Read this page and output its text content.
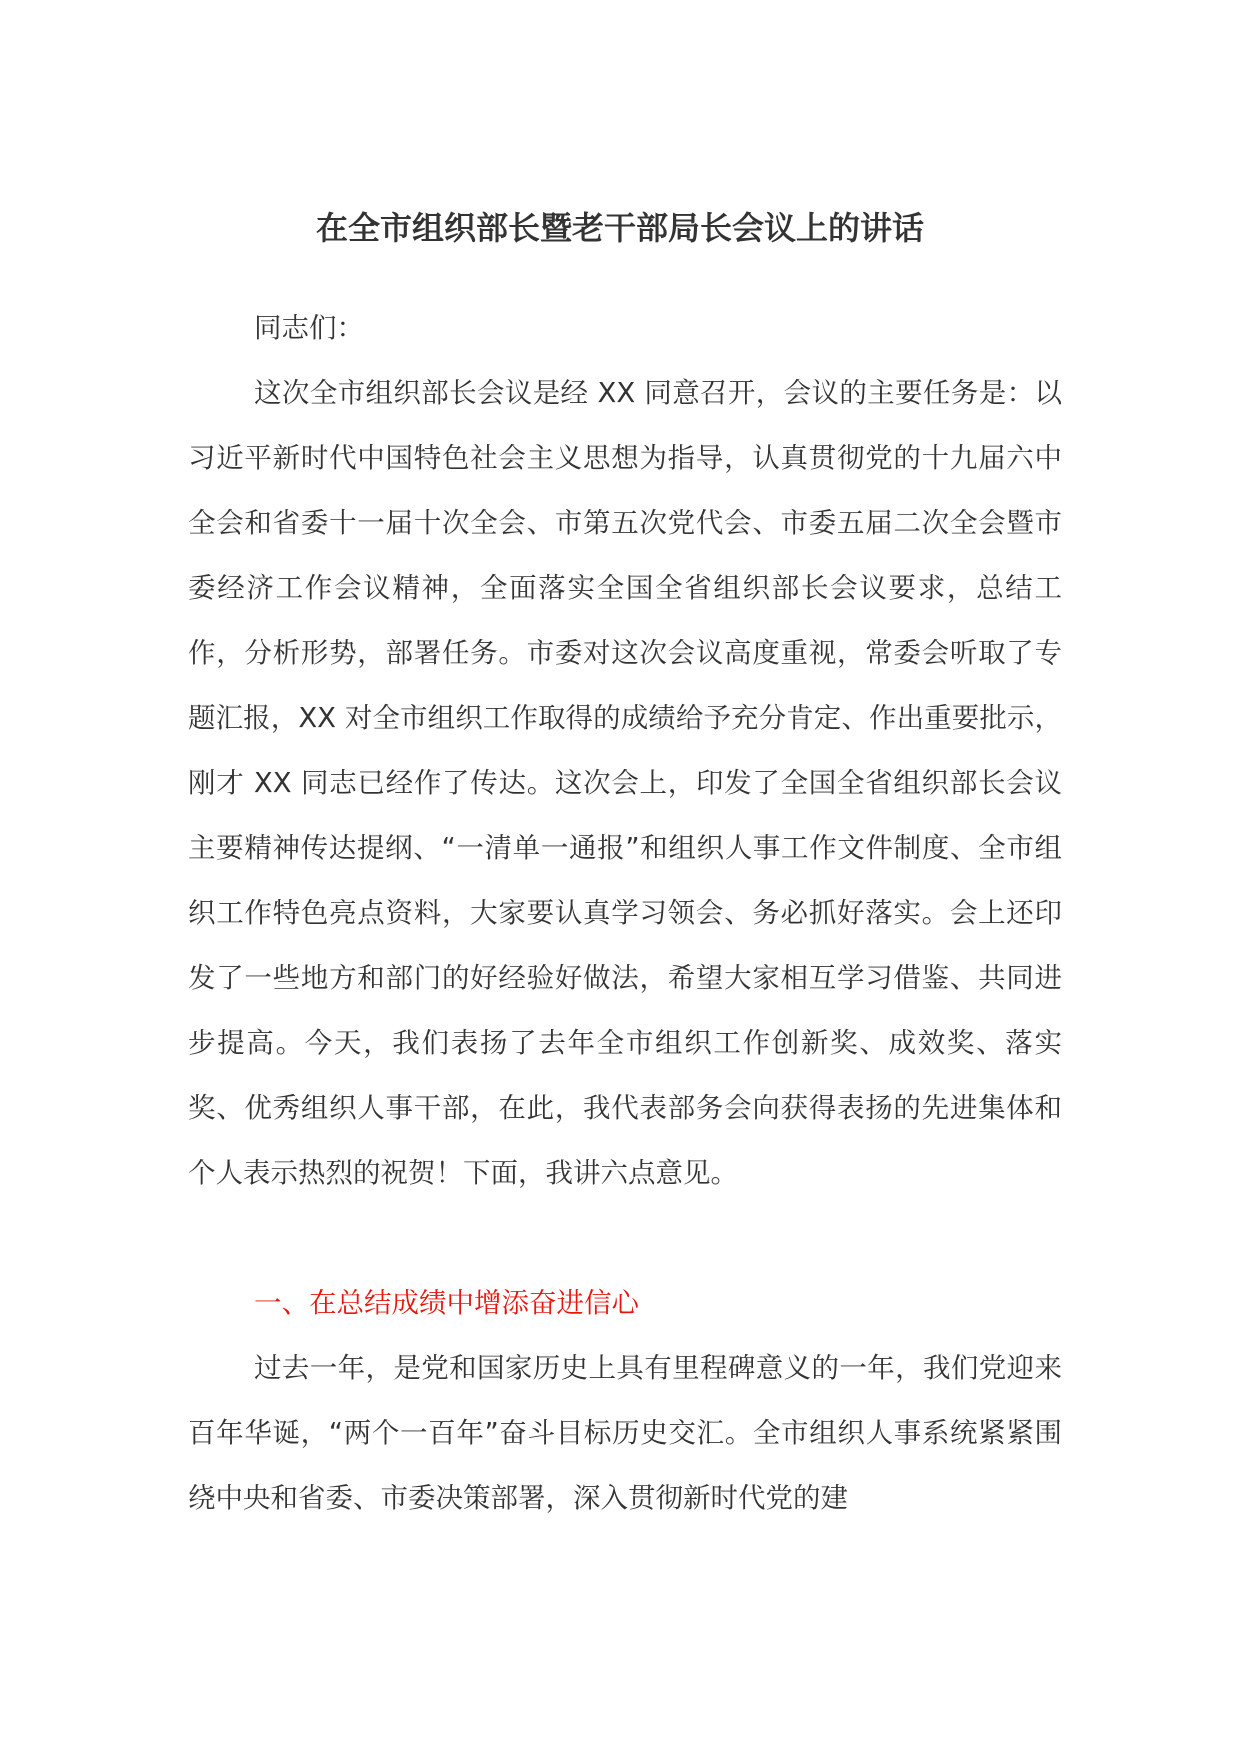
在全市组织部长暨老干部局长会议上的讲话

同志们：

这次全市组织部长会议是经 XX 同意召开，会议的主要任务是：以习近平新时代中国特色社会主义思想为指导，认真贯彻党的十九届六中全会和省委十一届十次全会、市第五次党代会、市委五届二次全会暨市委经济工作会议精神，全面落实全国全省组织部长会议要求，总结工作，分析形势，部署任务。市委对这次会议高度重视，常委会听取了专题汇报，XX 对全市组织工作取得的成绩给予充分肯定、作出重要批示，刚才 XX 同志已经作了传达。这次会上，印发了全国全省组织部长会议主要精神传达提纲、“一清单一通报”和组织人事工作文件制度、全市组织工作特色亮点资料，大家要认真学习领会、务必抓好落实。会上还印发了一些地方和部门的好经验好做法，希望大家相互学习借鉴、共同进步提高。今天，我们表扬了去年全市组织工作创新奖、成效奖、落实奖、优秀组织人事干部，在此，我代表部务会向获得表扬的先进集体和个人表示热烈的祝贺！下面，我讲六点意见。

一、在总结成绩中增添奋进信心

过去一年，是党和国家历史上具有里程碑意义的一年，我们党迎来百年华诞，“两个一百年”奋斗目标历史交汇。全市组织人事系统紧紧围绕中央和省委、市委决策部署，深入贯彻新时代党的建
